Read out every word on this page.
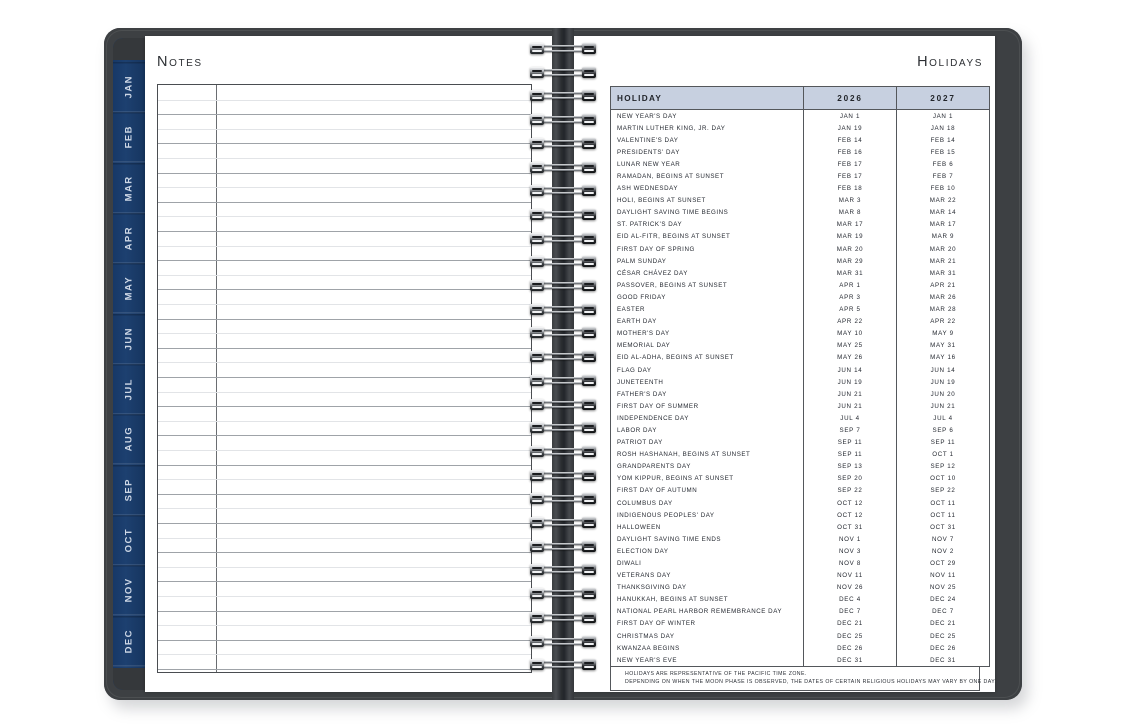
JAN
FEB
MAR
APR
MAY
JUN
JUL
AUG
SEP
OCT
NOV
DEC
Notes	Holidays
HOLIDAY	2026	2027
NEW YEAR'S DAY	JAN 1	JAN 1
MARTIN LUTHER KING, JR. DAY	JAN 19	JAN 18
VALENTINE'S DAY	FEB 14	FEB 14
PRESIDENTS' DAY	FEB 16	FEB 15
LUNAR NEW YEAR	FEB 17	FEB 6
RAMADAN, BEGINS AT SUNSET	FEB 17	FEB 7
ASH WEDNESDAY	FEB 18	FEB 10
HOLI, BEGINS AT SUNSET	MAR 3	MAR 22
DAYLIGHT SAVING TIME BEGINS	MAR 8	MAR 14
ST. PATRICK'S DAY	MAR 17	MAR 17
EID AL-FITR, BEGINS AT SUNSET	MAR 19	MAR 9
FIRST DAY OF SPRING	MAR 20	MAR 20
PALM SUNDAY	MAR 29	MAR 21
CÉSAR CHÁVEZ DAY	MAR 31	MAR 31
PASSOVER, BEGINS AT SUNSET	APR 1	APR 21
GOOD FRIDAY	APR 3	MAR 26
EASTER	APR 5	MAR 28
EARTH DAY	APR 22	APR 22
MOTHER'S DAY	MAY 10	MAY 9
MEMORIAL DAY	MAY 25	MAY 31
EID AL-ADHA, BEGINS AT SUNSET	MAY 26	MAY 16
FLAG DAY	JUN 14	JUN 14
JUNETEENTH	JUN 19	JUN 19
FATHER'S DAY	JUN 21	JUN 20
FIRST DAY OF SUMMER	JUN 21	JUN 21
INDEPENDENCE DAY	JUL 4	JUL 4
LABOR DAY	SEP 7	SEP 6
PATRIOT DAY	SEP 11	SEP 11
ROSH HASHANAH, BEGINS AT SUNSET	SEP 11	OCT 1
GRANDPARENTS DAY	SEP 13	SEP 12
YOM KIPPUR, BEGINS AT SUNSET	SEP 20	OCT 10
FIRST DAY OF AUTUMN	SEP 22	SEP 22
COLUMBUS DAY	OCT 12	OCT 11
INDIGENOUS PEOPLES' DAY	OCT 12	OCT 11
HALLOWEEN	OCT 31	OCT 31
DAYLIGHT SAVING TIME ENDS	NOV 1	NOV 7
ELECTION DAY	NOV 3	NOV 2
DIWALI	NOV 8	OCT 29
VETERANS DAY	NOV 11	NOV 11
THANKSGIVING DAY	NOV 26	NOV 25
HANUKKAH, BEGINS AT SUNSET	DEC 4	DEC 24
NATIONAL PEARL HARBOR REMEMBRANCE DAY	DEC 7	DEC 7
FIRST DAY OF WINTER	DEC 21	DEC 21
CHRISTMAS DAY	DEC 25	DEC 25
KWANZAA BEGINS	DEC 26	DEC 26
NEW YEAR'S EVE	DEC 31	DEC 31
HOLIDAYS ARE REPRESENTATIVE OF THE PACIFIC TIME ZONE.
DEPENDING ON WHEN THE MOON PHASE IS OBSERVED, THE DATES OF CERTAIN RELIGIOUS HOLIDAYS MAY VARY BY ONE DAY.
